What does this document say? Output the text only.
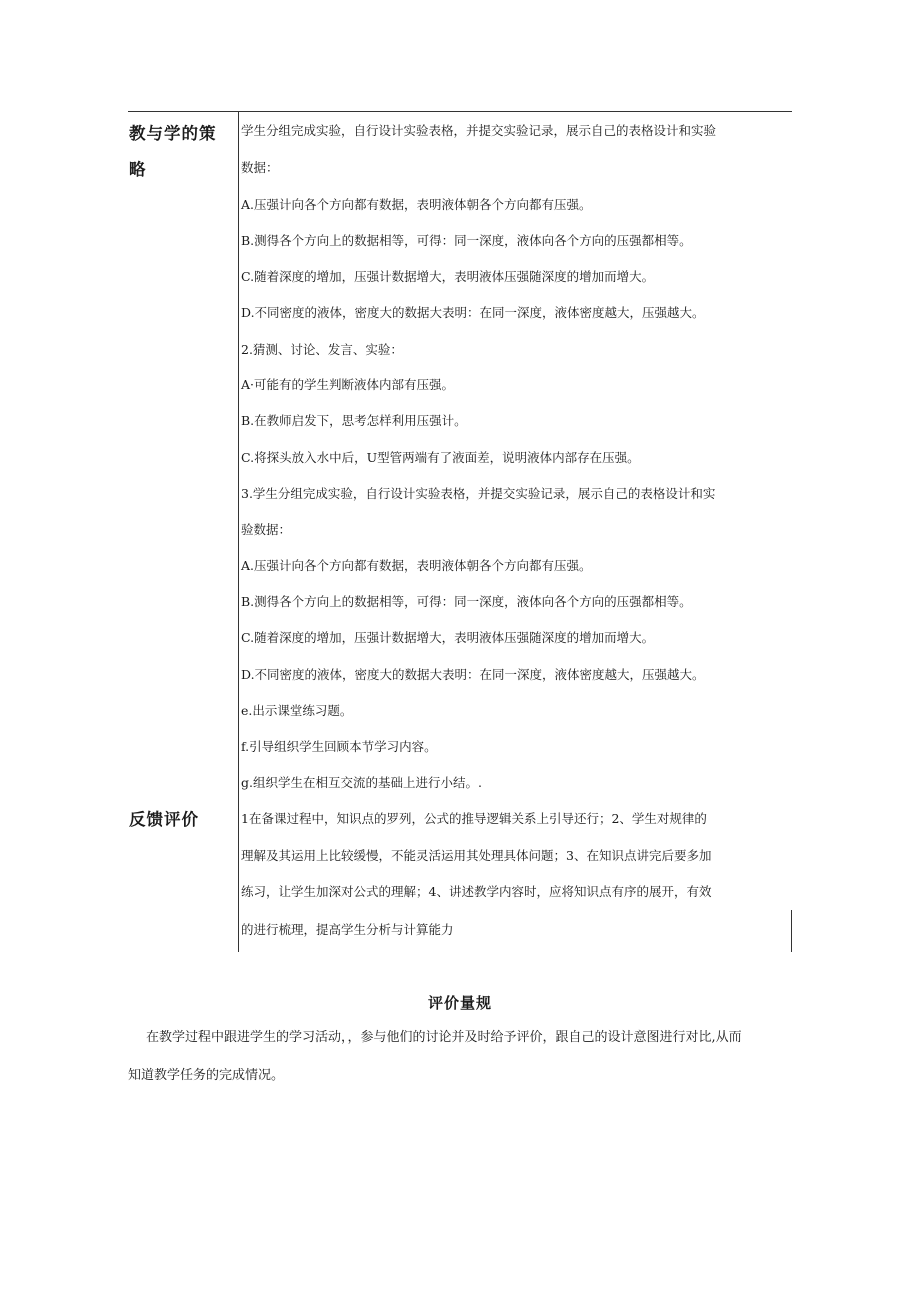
教与学的策
略
学生分组完成实验，自行设计实验表格，并提交实验记录，展示自己的表格设计和实验
数据：
A.压强计向各个方向都有数据，表明液体朝各个方向都有压强。
B.测得各个方向上的数据相等，可得：同一深度，液体向各个方向的压强都相等。
C.随着深度的增加，压强计数据增大，表明液体压强随深度的增加而增大。
D.不同密度的液体，密度大的数据大表明：在同一深度，液体密度越大，压强越大。
2.猜测、讨论、发言、实验：
A·可能有的学生判断液体内部有压强。
B.在教师启发下，思考怎样利用压强计。
C.将探头放入水中后，U型管两端有了液面差，说明液体内部存在压强。
3.学生分组完成实验，自行设计实验表格，并提交实验记录，展示自己的表格设计和实
验数据：
A.压强计向各个方向都有数据，表明液体朝各个方向都有压强。
B.测得各个方向上的数据相等，可得：同一深度，液体向各个方向的压强都相等。
C.随着深度的增加，压强计数据增大，表明液体压强随深度的增加而增大。
D.不同密度的液体，密度大的数据大表明：在同一深度，液体密度越大，压强越大。
e.出示课堂练习题。
f.引导组织学生回顾本节学习内容。
g.组织学生在相互交流的基础上进行小结。.
反馈评价	1在备课过程中，知识点的罗列，公式的推导逻辑关系上引导还行；2、学生对规律的
理解及其运用上比较缓慢，不能灵活运用其处理具体问题；3、在知识点讲完后要多加
练习，让学生加深对公式的理解；4、讲述教学内容时，应将知识点有序的展开，有效
的进行梳理，提高学生分析与计算能力
评价量规
在教学过程中跟进学生的学习活动，，参与他们的讨论并及时给予评价，跟自己的设计意图进行对比,从而
知道教学任务的完成情况。
